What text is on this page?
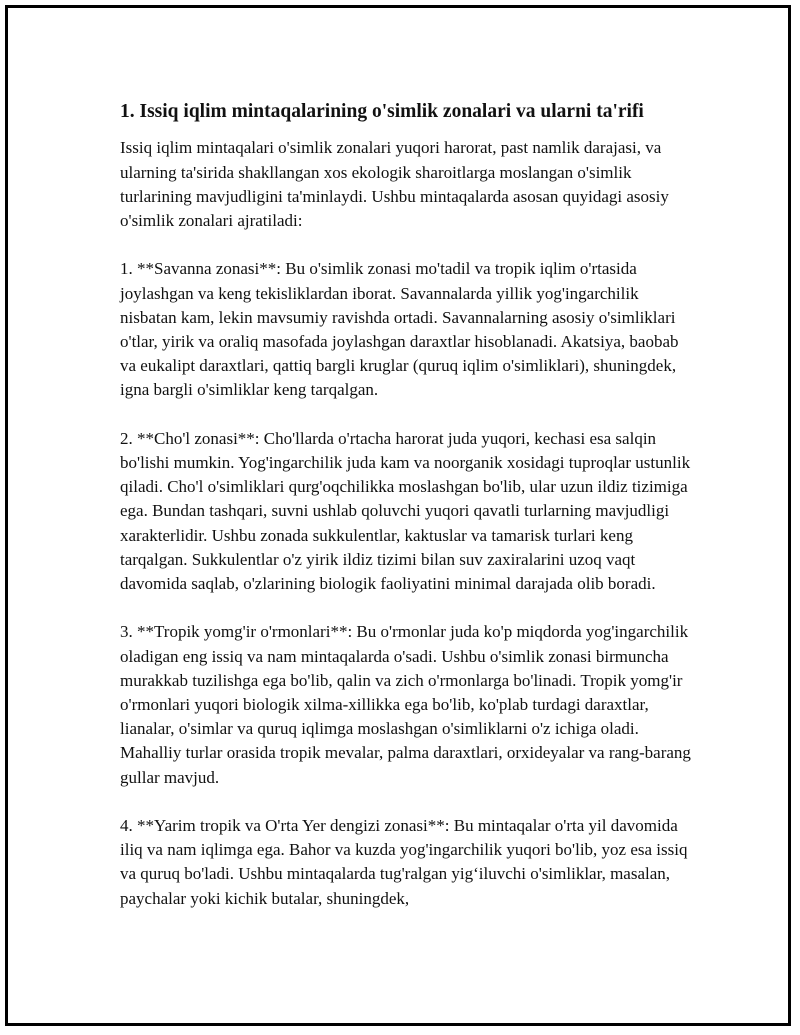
1. Issiq iqlim mintaqalarining o'simlik zonalari va ularni ta'rifi

Issiq iqlim mintaqalari o'simlik zonalari yuqori harorat, past namlik darajasi, va ularning ta'sirida shakllangan xos ekologik sharoitlarga moslangan o'simlik turlarining mavjudligini ta'minlaydi. Ushbu mintaqalarda asosan quyidagi asosiy o'simlik zonalari ajratiladi:

1. **Savanna zonasi**: Bu o'simlik zonasi mo'tadil va tropik iqlim o'rtasida joylashgan va keng tekisliklardan iborat. Savannalarda yillik yog'ingarchilik nisbatan kam, lekin mavsumiy ravishda ortadi. Savannalarning asosiy o'simliklari o'tlar, yirik va oraliq masofada joylashgan daraxtlar hisoblanadi. Akatsiya, baobab va eukalipt daraxtlari, qattiq bargli kruglar (quruq iqlim o'simliklari), shuningdek, igna bargli o'simliklar keng tarqalgan.

2. **Cho'l zonasi**: Cho'llarda o'rtacha harorat juda yuqori, kechasi esa salqin bo'lishi mumkin. Yog'ingarchilik juda kam va noorganik xosidagi tuproqlar ustunlik qiladi. Cho'l o'simliklari qurg'oqchilikka moslashgan bo'lib, ular uzun ildiz tizimiga ega. Bundan tashqari, suvni ushlab qoluvchi yuqori qavatli turlarning mavjudligi xarakterlidir. Ushbu zonada sukkulentlar, kaktuslar va tamarisk turlari keng tarqalgan. Sukkulentlar o'z yirik ildiz tizimi bilan suv zaxiralarini uzoq vaqt davomida saqlab, o'zlarining biologik faoliyatini minimal darajada olib boradi.

3. **Tropik yomg'ir o'rmonlari**: Bu o'rmonlar juda ko'p miqdorda yog'ingarchilik oladigan eng issiq va nam mintaqalarda o'sadi. Ushbu o'simlik zonasi birmuncha murakkab tuzilishga ega bo'lib, qalin va zich o'rmonlarga bo'linadi. Tropik yomg'ir o'rmonlari yuqori biologik xilma-xillikka ega bo'lib, ko'plab turdagi daraxtlar, lianalar, o'simlar va quruq iqlimga moslashgan o'simliklarni o'z ichiga oladi. Mahalliy turlar orasida tropik mevalar, palma daraxtlari, orxideyalar va rang-barang gullar mavjud.

4. **Yarim tropik va O'rta Yer dengizi zonasi**: Bu mintaqalar o'rta yil davomida iliq va nam iqlimga ega. Bahor va kuzda yog'ingarchilik yuqori bo'lib, yoz esa issiq va quruq bo'ladi. Ushbu mintaqalarda tug'ralgan yig‘iluvchi o'simliklar, masalan, paychalar yoki kichik butalar, shuningdek,
